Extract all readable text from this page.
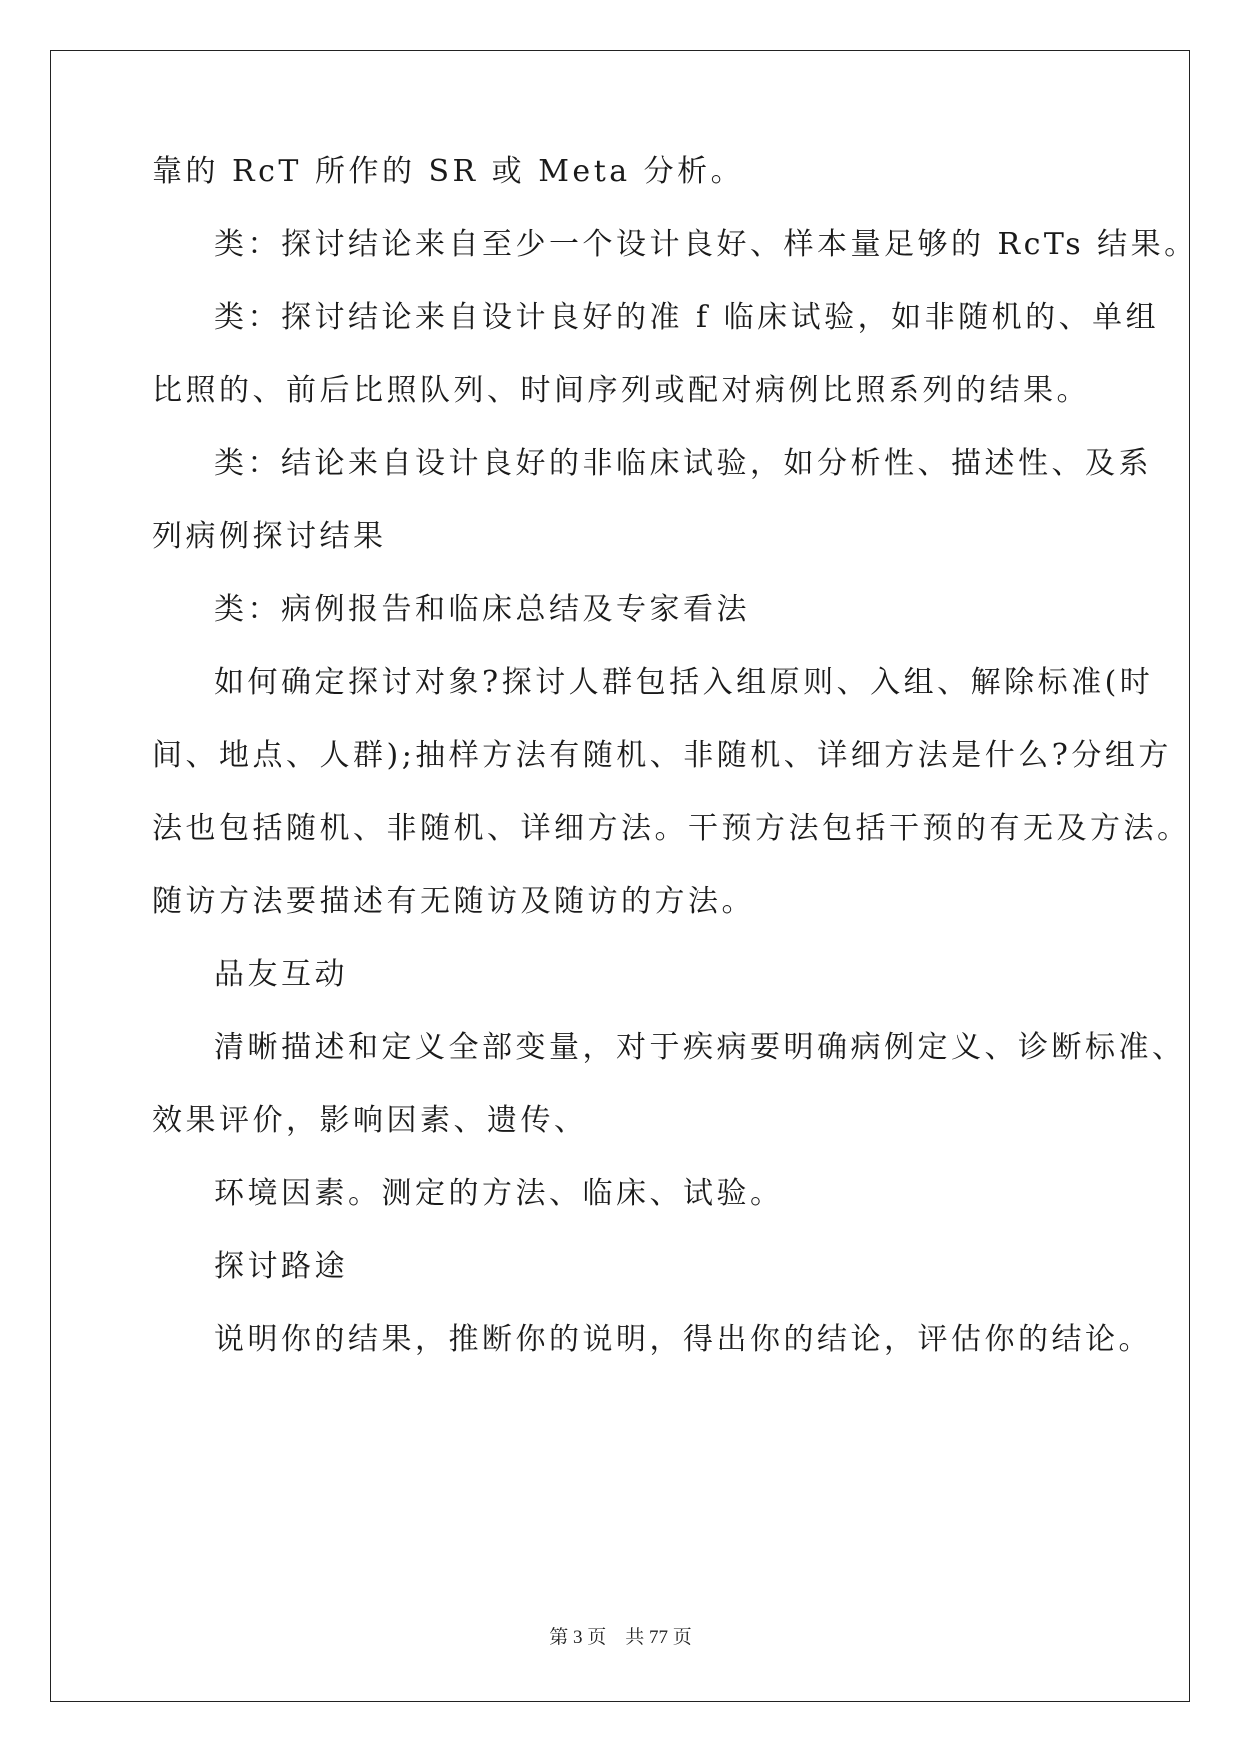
靠的 RcT 所作的 SR 或 Meta 分析。
类：探讨结论来自至少一个设计良好、样本量足够的 RcTs 结果。
类：探讨结论来自设计良好的准 f 临床试验，如非随机的、单组
比照的、前后比照队列、时间序列或配对病例比照系列的结果。
类：结论来自设计良好的非临床试验，如分析性、描述性、及系
列病例探讨结果
类：病例报告和临床总结及专家看法
如何确定探讨对象?探讨人群包括入组原则、入组、解除标准(时
间、地点、人群);抽样方法有随机、非随机、详细方法是什么?分组方
法也包括随机、非随机、详细方法。干预方法包括干预的有无及方法。
随访方法要描述有无随访及随访的方法。
品友互动
清晰描述和定义全部变量，对于疾病要明确病例定义、诊断标准、
效果评价，影响因素、遗传、
环境因素。测定的方法、临床、试验。
探讨路途
说明你的结果，推断你的说明，得出你的结论，评估你的结论。
第 3 页    共 77 页
